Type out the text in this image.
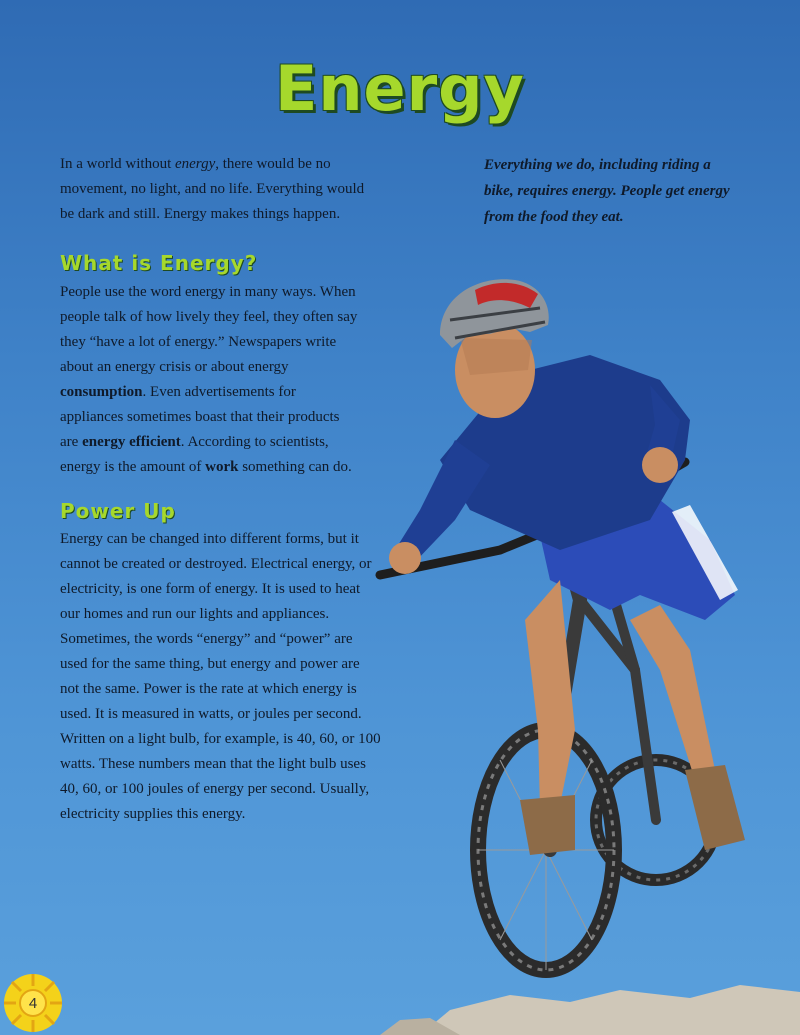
Energy
In a world without energy, there would be no movement, no light, and no life. Everything would be dark and still. Energy makes things happen.
Everything we do, including riding a bike, requires energy. People get energy from the food they eat.
What is Energy?
People use the word energy in many ways. When people talk of how lively they feel, they often say they “have a lot of energy.” Newspapers write about an energy crisis or about energy consumption. Even advertisements for appliances sometimes boast that their products are energy efficient. According to scientists, energy is the amount of work something can do.
Power Up
Energy can be changed into different forms, but it cannot be created or destroyed. Electrical energy, or electricity, is one form of energy. It is used to heat our homes and run our lights and appliances. Sometimes, the words “energy” and “power” are used for the same thing, but energy and power are not the same. Power is the rate at which energy is used. It is measured in watts, or joules per second. Written on a light bulb, for example, is 40, 60, or 100 watts. These numbers mean that the light bulb uses 40, 60, or 100 joules of energy per second. Usually, electricity supplies this energy.
4
